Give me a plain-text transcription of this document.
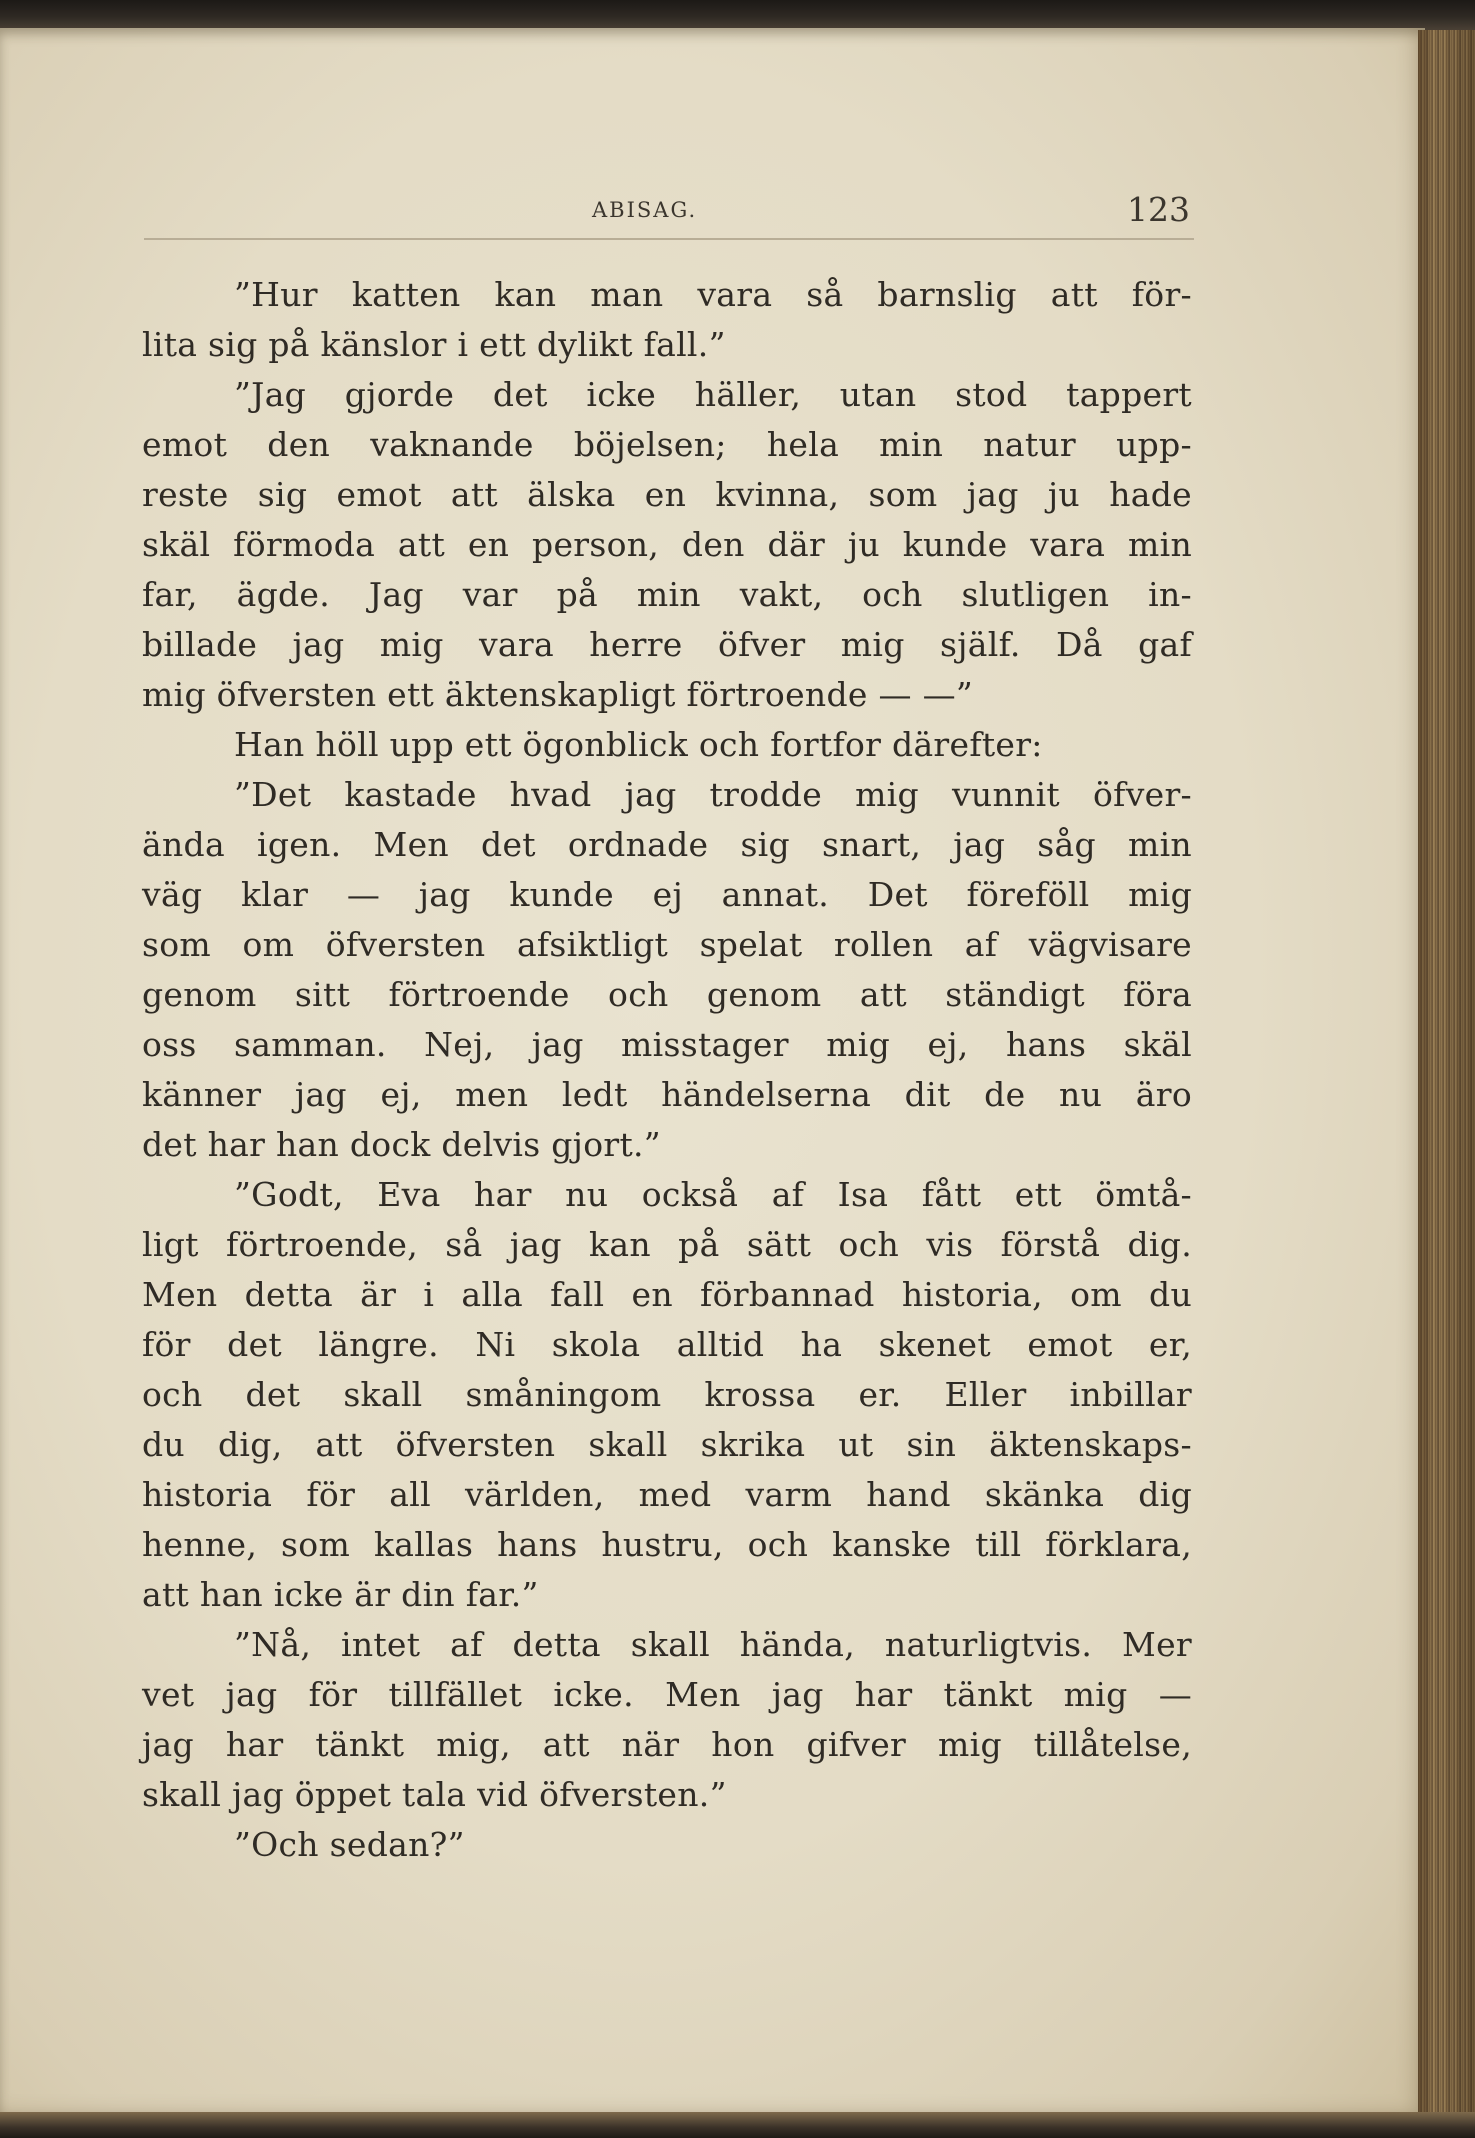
ABISAG.	123
”Hur katten kan man vara så barnslig att för-
lita sig på känslor i ett dylikt fall.”
”Jag gjorde det icke häller, utan stod tappert
emot den vaknande böjelsen; hela min natur upp-
reste sig emot att älska en kvinna, som jag ju hade
skäl förmoda att en person, den där ju kunde vara min
far, ägde. Jag var på min vakt, och slutligen in-
billade jag mig vara herre öfver mig själf. Då gaf
mig öfversten ett äktenskapligt förtroende — —”
Han höll upp ett ögonblick och fortfor därefter:
”Det kastade hvad jag trodde mig vunnit öfver-
ända igen. Men det ordnade sig snart, jag såg min
väg klar — jag kunde ej annat. Det föreföll mig
som om öfversten afsiktligt spelat rollen af vägvisare
genom sitt förtroende och genom att ständigt föra
oss samman. Nej, jag misstager mig ej, hans skäl
känner jag ej, men ledt händelserna dit de nu äro
det har han dock delvis gjort.”
”Godt, Eva har nu också af Isa fått ett ömtå-
ligt förtroende, så jag kan på sätt och vis förstå dig.
Men detta är i alla fall en förbannad historia, om du
för det längre. Ni skola alltid ha skenet emot er,
och det skall småningom krossa er. Eller inbillar
du dig, att öfversten skall skrika ut sin äktenskaps-
historia för all världen, med varm hand skänka dig
henne, som kallas hans hustru, och kanske till förklara,
att han icke är din far.”
”Nå, intet af detta skall hända, naturligtvis. Mer
vet jag för tillfället icke. Men jag har tänkt mig —
jag har tänkt mig, att när hon gifver mig tillåtelse,
skall jag öppet tala vid öfversten.”
”Och sedan?”
